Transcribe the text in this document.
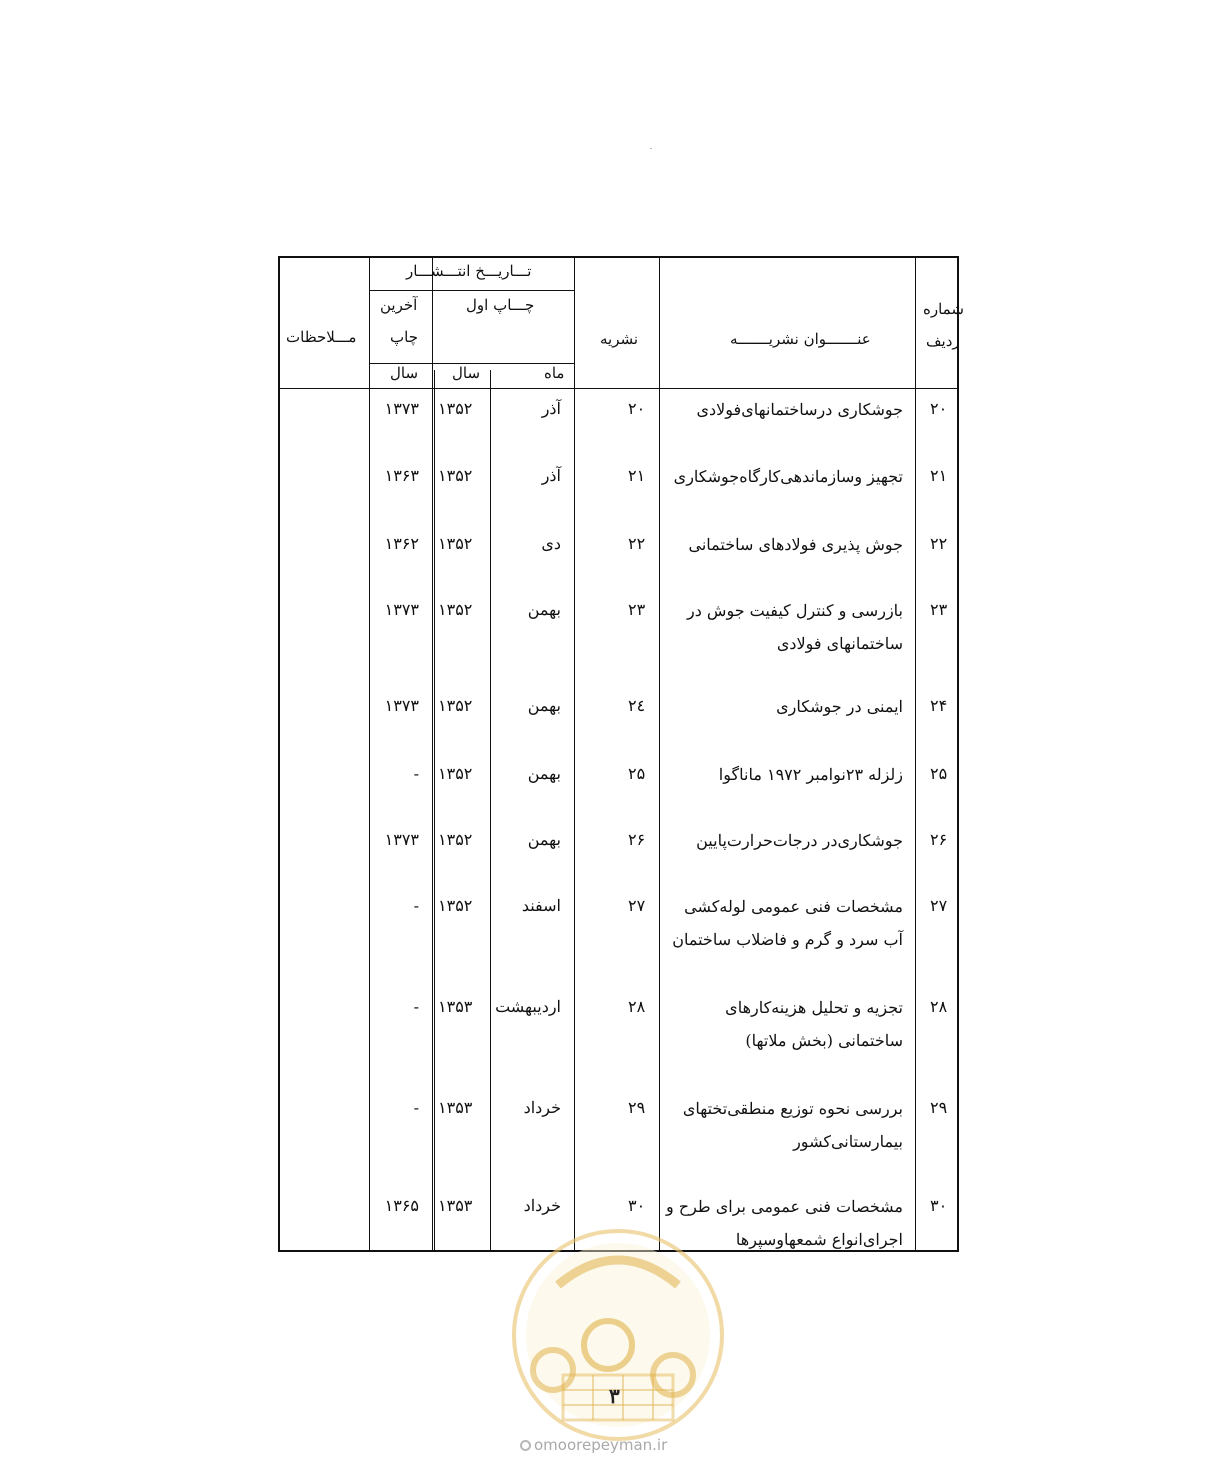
مـــلاحظات
تـــاريـــخ انتـــشـــار
چـــاپ اول
آخرين
چاپ
سال سال	ماه
نشريه	عنـــــــوان نشريـــــــه
شماره
رديف
۲۰
جوشكاری درساختمانهای‌فولادی
۲۰
آذر
۱۳۵۲
۱۳۷۳
۲۱
تجهيز وسازماندهی‌كارگاه‌جوشكاری
۲۱
آذر
۱۳۵۲
۱۳۶۳
۲۲
جوش پذيری فولادهای ساختمانی
۲۲
دی
۱۳۵۲
۱۳۶۲
۲۳
بازرسی و كنترل كيفيت جوش در ساختمانهای فولادی
۲۳
بهمن
۱۳۵۲
۱۳۷۳
۲۴
ايمنی در جوشكاری
۲٤
بهمن
۱۳۵۲
۱۳۷۳
۲۵
زلزله ۲۳نوامبر ۱۹۷۲ ماناگوا
۲۵
بهمن
۱۳۵۲
-
۲۶
جوشكاری‌در درجات‌حرارت‌پايين
۲۶
بهمن
۱۳۵۲
۱۳۷۳
۲۷
مشخصات فنی عمومی لوله‌كشی آب سرد و گرم و فاضلاب ساختمان
۲۷
اسفند
۱۳۵۲
-
۲۸
تجزيه و تحليل هزينه‌كارهای ساختمانی (بخش ملاتها)
۲۸
ارديبهشت
۱۳۵۳
-
۲۹
بررسی نحوه توزيع منطقی‌تختهای بيمارستانی‌كشور
۲۹
خرداد
۱۳۵۳
-
۳۰
مشخصات فنی عمومی برای طرح و اجرای‌انواع شمعهاوسپرها
۳۰
خرداد
۱۳۵۳
۱۳۶۵
۳
omoorepeyman.ir
